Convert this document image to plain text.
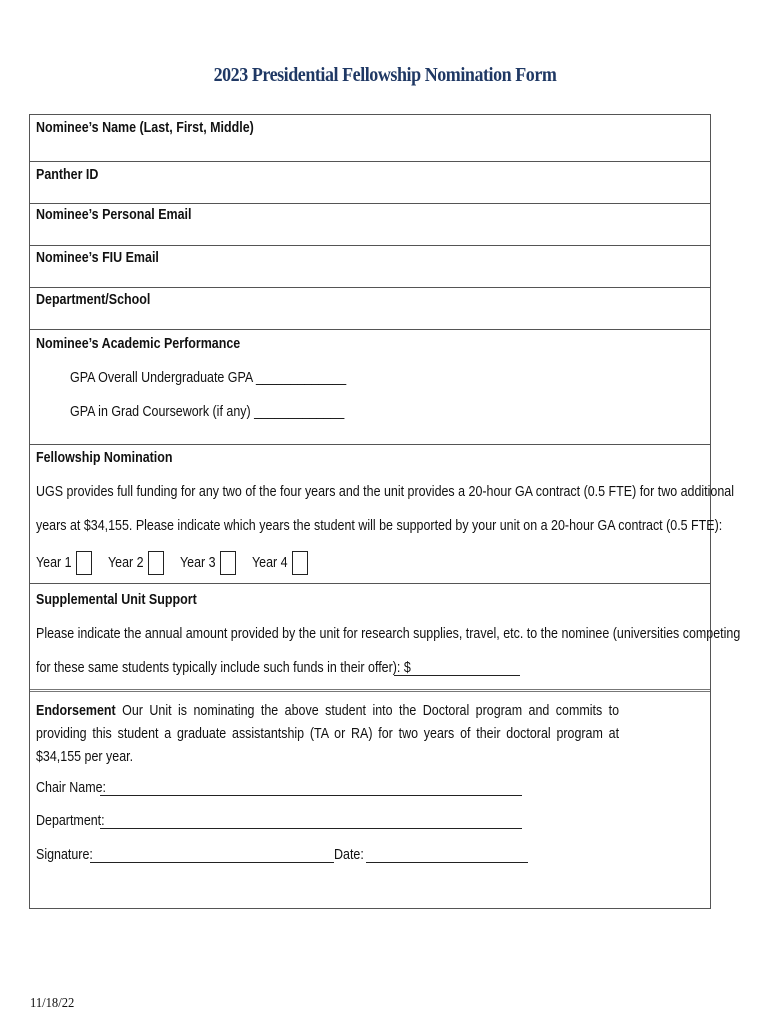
2023 Presidential Fellowship Nomination Form
Nominee’s Name (Last, First, Middle)
Panther ID
Nominee’s Personal Email
Nominee’s FIU Email
Department/School
Nominee’s Academic Performance
GPA Overall Undergraduate GPA _____________
GPA in Grad Coursework (if any) _____________
Fellowship Nomination
UGS provides full funding for any two of the four years and the unit provides a 20-hour GA contract (0.5 FTE) for two additional
years at $34,155. Please indicate which years the student will be supported by your unit on a 20-hour GA contract (0.5 FTE):
Year 1	Year 2	Year 3	Year 4
Supplemental Unit Support
Please indicate the annual amount provided by the unit for research supplies, travel, etc. to the nominee (universities competing
for these same students typically include such funds in their offer): $
Endorsement Our Unit is nominating the above student into the Doctoral program and commits to providing this student a graduate assistantship (TA or RA) for two years of their doctoral program at $34,155 per year.
Chair Name:
Department:
Signature:	Date:
11/18/22
